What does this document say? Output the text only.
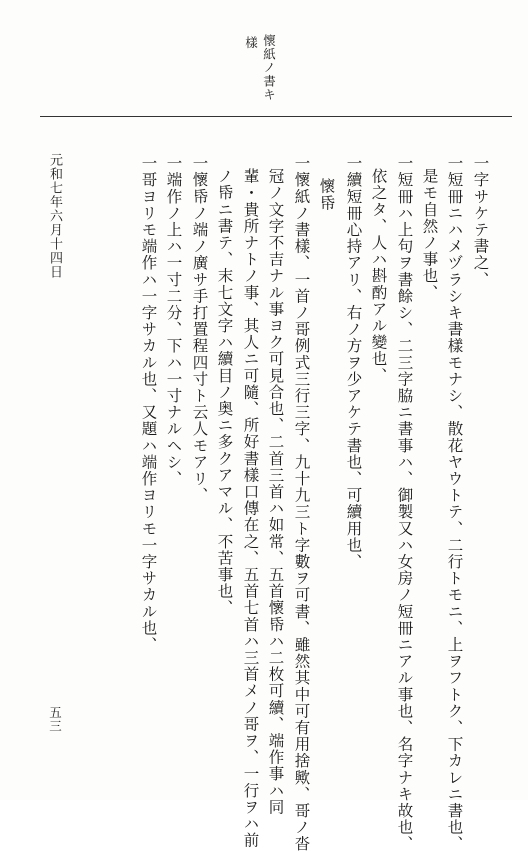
懷紙ノ書キ
樣
一字サケテ書之、
一短冊ニハメヅラシキ書樣モナシ、散花ヤウトテ、二行トモニ、上ヲフトク、下カレニ書也、
是モ自然ノ事也、
一短冊ハ上句ヲ書餘シ、二三字脇ニ書事ハ、御製又ハ女房ノ短冊ニアル事也、名字ナキ故也、
依之タ、人ハ斟酌アル變也、
一續短冊心持アリ、右ノ方ヲ少アケテ書也、可續用也、
懷帋
一懷紙ノ書樣、一首ノ哥例式三行三字、九十九三ト字數ヲ可書、雖然其中可有用捨歟、哥ノ沓
冠ノ文字不吉ナル事ヨク可見合也、二首三首ハ如常、五首懷帋ハ二枚可續、端作事ハ同
輩・貴所ナトノ事、其人ニ可隨、所好書樣口傳在之、五首七首ハ三首メノ哥ヲ、一行ヲハ前
ノ帋ニ書テ、末七文字ハ續目ノ奥ニ多クアマル、不苦事也、
一懷帋ノ端ノ廣サ手打置程四寸ト云人モアリ、
一端作ノ上ハ一寸二分、下ハ一寸ナルヘシ、
一哥ヨリモ端作ハ一字サカル也、又題ハ端作ヨリモ一字サカル也、
元和七年六月十四日
五三
